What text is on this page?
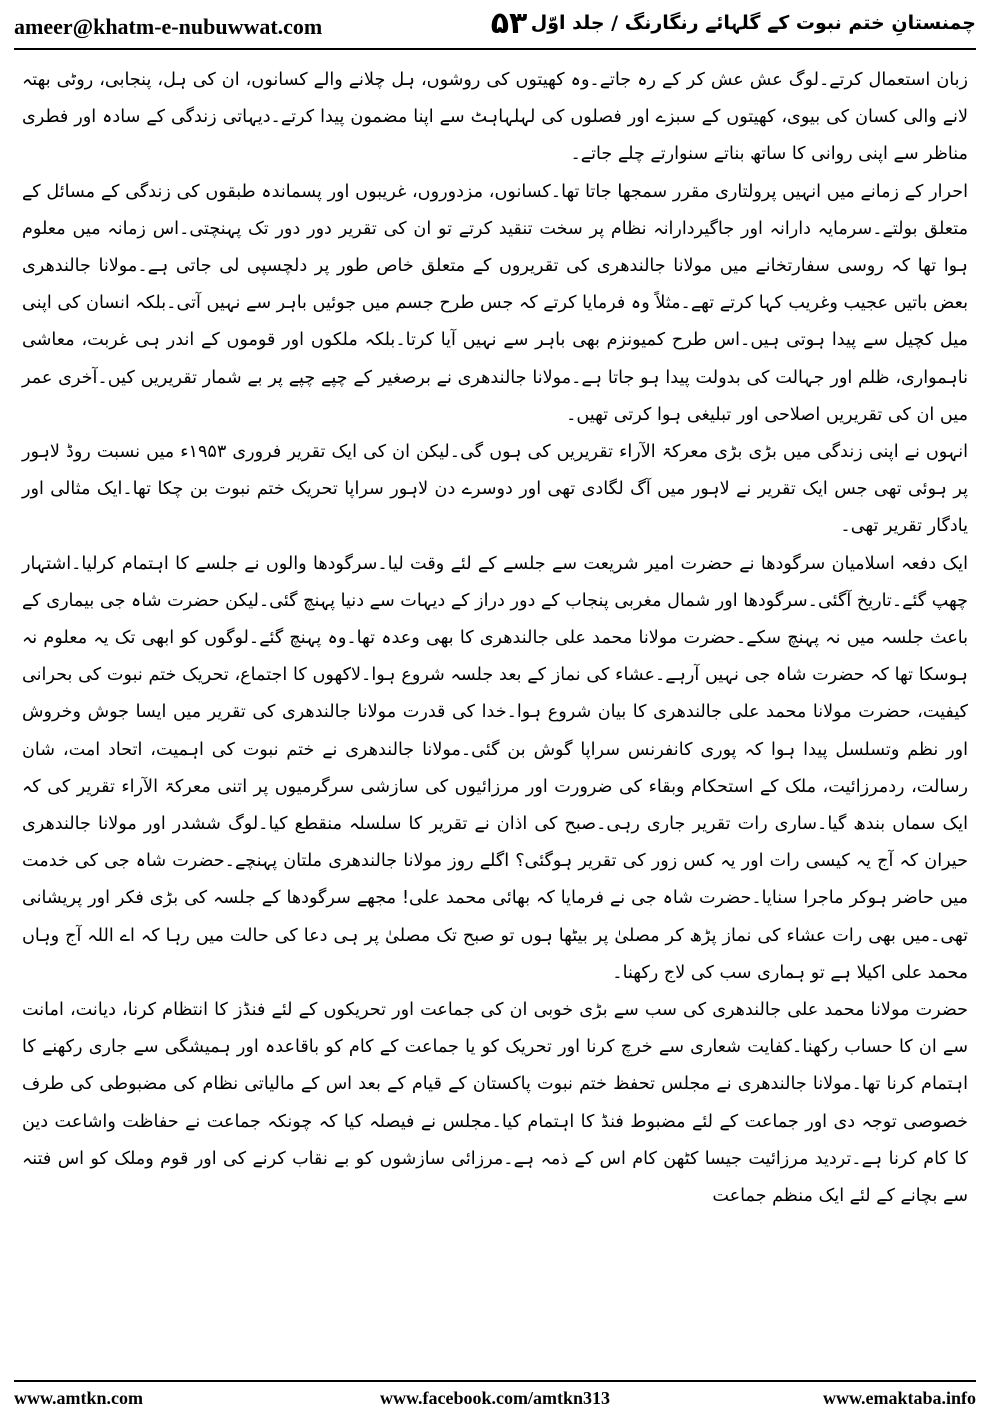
ameer@khatm-e-nubuwwat.com	۵۳ چمنستانِ ختم نبوت کے گلہائے رنگارنگ / جلد اوّل

زبان استعمال کرتے۔لوگ عش عش کر کے رہ جاتے۔وہ کھیتوں کی روشوں، ہل چلانے والے کسانوں، ان کی ہل، پنجابی، روٹی بھتہ لانے والی کسان کی بیوی، کھیتوں کے سبزے اور فصلوں کی لہلہاہٹ سے اپنا مضمون پیدا کرتے۔دیہاتی زندگی کے سادہ اور فطری مناظر سے اپنی روانی کا ساتھ بناتے سنوارتے چلے جاتے۔

احرار کے زمانے میں انہیں پرولتاری مقرر سمجھا جاتا تھا۔کسانوں، مزدوروں، غریبوں اور پسماندہ طبقوں کی زندگی کے مسائل کے متعلق بولتے۔سرمایہ دارانہ اور جاگیردارانہ نظام پر سخت تنقید کرتے تو ان کی تقریر دور دور تک پہنچتی۔اس زمانہ میں معلوم ہوا تھا کہ روسی سفارتخانے میں مولانا جالندھری کی تقریروں کے متعلق خاص طور پر دلچسپی لی جاتی ہے۔مولانا جالندھری بعض باتیں عجیب وغریب کہا کرتے تھے۔مثلاً وہ فرمایا کرتے کہ جس طرح جسم میں جوئیں باہر سے نہیں آتی۔بلکہ انسان کی اپنی میل کچیل سے پیدا ہوتی ہیں۔اس طرح کمیونزم بھی باہر سے نہیں آیا کرتا۔بلکہ ملکوں اور قوموں کے اندر ہی غربت، معاشی ناہمواری، ظلم اور جہالت کی بدولت پیدا ہو جاتا ہے۔مولانا جالندھری نے برصغیر کے چپے چپے پر بے شمار تقریریں کیں۔آخری عمر میں ان کی تقریریں اصلاحی اور تبلیغی ہوا کرتی تھیں۔

انہوں نے اپنی زندگی میں بڑی بڑی معرکۃ الآراء تقریریں کی ہوں گی۔لیکن ان کی ایک تقریر فروری ۱۹۵۳ء میں نسبت روڈ لاہور پر ہوئی تھی جس ایک تقریر نے لاہور میں آگ لگادی تھی اور دوسرے دن لاہور سراپا تحریک ختم نبوت بن چکا تھا۔ایک مثالی اور یادگار تقریر تھی۔

ایک دفعہ اسلامیان سرگودھا نے حضرت امیر شریعت سے جلسے کے لئے وقت لیا۔سرگودھا والوں نے جلسے کا اہتمام کرلیا۔اشتہار چھپ گئے۔تاریخ آگئی۔سرگودھا اور شمال مغربی پنجاب کے دور دراز کے دیہات سے دنیا پہنچ گئی۔لیکن حضرت شاہ جی بیماری کے باعث جلسہ میں نہ پہنچ سکے۔حضرت مولانا محمد علی جالندھری کا بھی وعدہ تھا۔وہ پہنچ گئے۔لوگوں کو ابھی تک یہ معلوم نہ ہوسکا تھا کہ حضرت شاہ جی نہیں آرہے۔عشاء کی نماز کے بعد جلسہ شروع ہوا۔لاکھوں کا اجتماع، تحریک ختم نبوت کی بحرانی کیفیت، حضرت مولانا محمد علی جالندھری کا بیان شروع ہوا۔خدا کی قدرت مولانا جالندھری کی تقریر میں ایسا جوش وخروش اور نظم وتسلسل پیدا ہوا کہ پوری کانفرنس سراپا گوش بن گئی۔مولانا جالندھری نے ختم نبوت کی اہمیت، اتحاد امت، شان رسالت، ردمرزائیت، ملک کے استحکام وبقاء کی ضرورت اور مرزائیوں کی سازشی سرگرمیوں پر اتنی معرکۃ الآراء تقریر کی کہ ایک سماں بندھ گیا۔ساری رات تقریر جاری رہی۔صبح کی اذان نے تقریر کا سلسلہ منقطع کیا۔لوگ ششدر اور مولانا جالندھری حیران کہ آج یہ کیسی رات اور یہ کس زور کی تقریر ہوگئی؟ اگلے روز مولانا جالندھری ملتان پہنچے۔حضرت شاہ جی کی خدمت میں حاضر ہوکر ماجرا سنایا۔حضرت شاہ جی نے فرمایا کہ بھائی محمد علی! مجھے سرگودھا کے جلسہ کی بڑی فکر اور پریشانی تھی۔میں بھی رات عشاء کی نماز پڑھ کر مصلیٰ پر بیٹھا ہوں تو صبح تک مصلیٰ پر ہی دعا کی حالت میں رہا کہ اے اللہ آج وہاں محمد علی اکیلا ہے تو ہماری سب کی لاج رکھنا۔

حضرت مولانا محمد علی جالندھری کی سب سے بڑی خوبی ان کی جماعت اور تحریکوں کے لئے فنڈز کا انتظام کرنا، دیانت، امانت سے ان کا حساب رکھنا۔کفایت شعاری سے خرچ کرنا اور تحریک کو یا جماعت کے کام کو باقاعدہ اور ہمیشگی سے جاری رکھنے کا اہتمام کرنا تھا۔مولانا جالندھری نے مجلس تحفظ ختم نبوت پاکستان کے قیام کے بعد اس کے مالیاتی نظام کی مضبوطی کی طرف خصوصی توجہ دی اور جماعت کے لئے مضبوط فنڈ کا اہتمام کیا۔مجلس نے فیصلہ کیا کہ چونکہ جماعت نے حفاظت واشاعت دین کا کام کرنا ہے۔تردید مرزائیت جیسا کٹھن کام اس کے ذمہ ہے۔مرزائی سازشوں کو بے نقاب کرنے کی اور قوم وملک کو اس فتنہ سے بچانے کے لئے ایک منظم جماعت

www.facebook.com/amtkn313
www.amtkn.com	www.emaktaba.info
